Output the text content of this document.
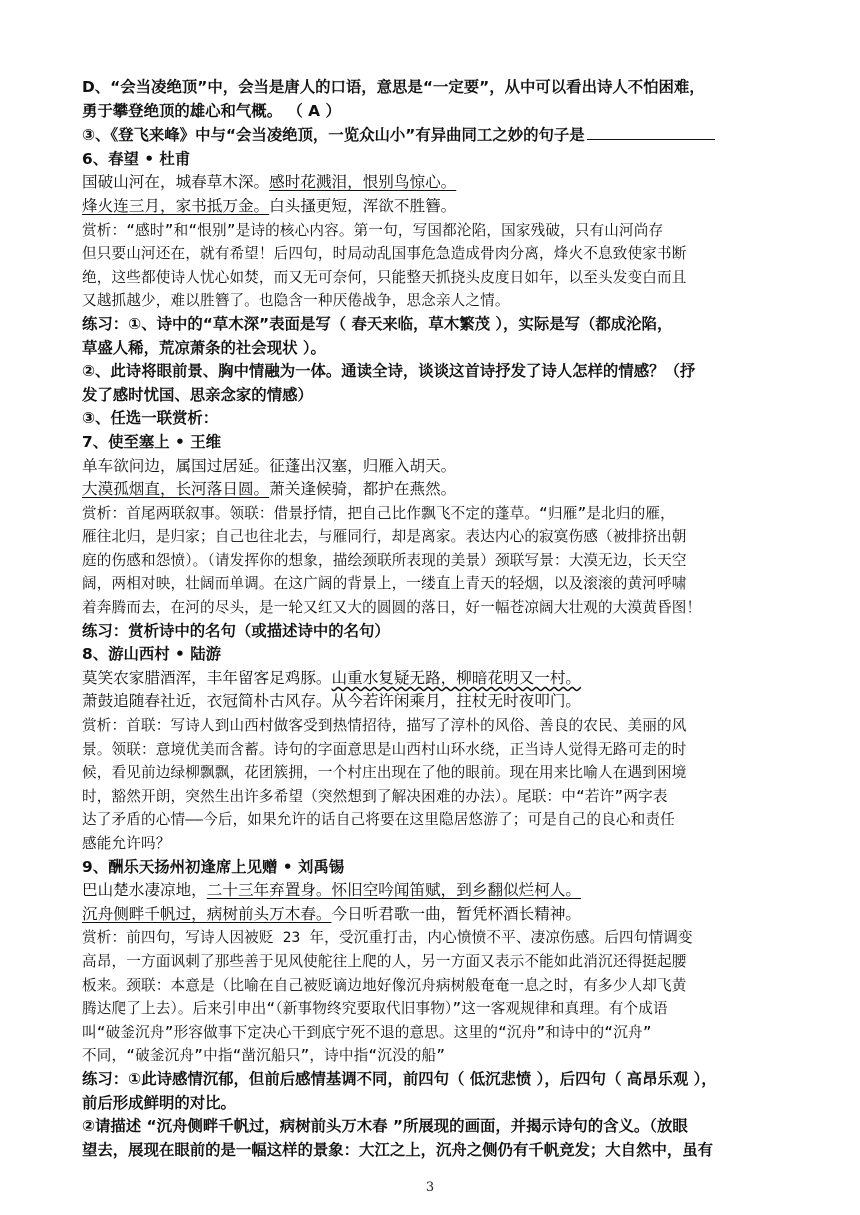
D、“会当凌绝顶”中，会当是唐人的口语，意思是“一定要”，从中可以看出诗人不怕困难，
勇于攀登绝顶的雄心和气概。 （ A ）
③、《登飞来峰》中与“会当凌绝顶，一览众山小”有异曲同工之妙的句子是
6、春望 • 杜甫
国破山河在，城春草木深。感时花溅泪，恨别鸟惊心。
烽火连三月，家书抵万金。白头搔更短，浑欲不胜簪。
赏析：“感时”和“恨别”是诗的核心内容。第一句，写国都沦陷，国家残破，只有山河尚存
但只要山河还在，就有希望！后四句，时局动乱国事危急造成骨肉分离，烽火不息致使家书断
绝，这些都使诗人忧心如焚，而又无可奈何，只能整天抓挠头皮度日如年，以至头发变白而且
又越抓越少，难以胜簪了。也隐含一种厌倦战争，思念亲人之情。
练习：①、诗中的“草木深”表面是写（ 春天来临，草木繁茂 ），实际是写（都成沦陷，
草盛人稀，荒凉萧条的社会现状 ）。
②、此诗将眼前景、胸中情融为一体。通读全诗，谈谈这首诗抒发了诗人怎样的情感？（抒
发了感时忧国、思亲念家的情感）
③、任选一联赏析：
7、使至塞上 • 王维
单车欲问边，属国过居延。征蓬出汉塞，归雁入胡天。
大漠孤烟直，长河落日圆。萧关逢候骑，都护在燕然。
赏析：首尾两联叙事。领联：借景抒情，把自己比作飘飞不定的蓬草。“归雁”是北归的雁，
雁往北归，是归家；自己也往北去，与雁同行，却是离家。表达内心的寂寞伤感（被排挤出朝
庭的伤感和怨愤）。（请发挥你的想象，描绘颈联所表现的美景）颈联写景：大漠无边，长天空
阔，两相对映，壮阔而单调。在这广阔的背景上，一缕直上青天的轻烟，以及滚滚的黄河呼啸
着奔腾而去，在河的尽头，是一轮又红又大的圆圆的落日，好一幅苍凉阔大壮观的大漠黄昏图！
练习：赏析诗中的名句（或描述诗中的名句）
8、游山西村 • 陆游
莫笑农家腊酒浑，丰年留客足鸡豚。山重水复疑无路，柳暗花明又一村。
萧鼓追随春社近，衣冠简朴古风存。从今若许闲乘月，拄杖无时夜叩门。
赏析：首联：写诗人到山西村做客受到热情招待，描写了淳朴的风俗、善良的农民、美丽的风
景。领联：意境优美而含蓄。诗句的字面意思是山西村山环水绕，正当诗人觉得无路可走的时
候，看见前边绿柳飘飘，花团簇拥，一个村庄出现在了他的眼前。现在用来比喻人在遇到困境
时，豁然开朗，突然生出许多希望（突然想到了解决困难的办法）。尾联：中“若许”两字表
达了矛盾的心情——今后，如果允许的话自己将要在这里隐居悠游了；可是自己的良心和责任
感能允许吗？
9、酬乐天扬州初逢席上见赠 • 刘禹锡
巴山楚水凄凉地，二十三年弃置身。怀旧空吟闻笛赋，到乡翻似烂柯人。
沉舟侧畔千帆过，病树前头万木春。今日听君歌一曲，暂凭杯酒长精神。
赏析：前四句，写诗人因被贬 23 年，受沉重打击，内心愤愤不平、凄凉伤感。后四句情调变
高昂，一方面讽刺了那些善于见风使舵往上爬的人，另一方面又表示不能如此消沉还得挺起腰
板来。颈联：本意是（比喻在自己被贬谪边地好像沉舟病树般奄奄一息之时，有多少人却飞黄
腾达爬了上去）。后来引申出“（新事物终究要取代旧事物）”这一客观规律和真理。有个成语
叫“破釜沉舟”形容做事下定决心干到底宁死不退的意思。这里的“沉舟”和诗中的“沉舟”
不同，“破釜沉舟”中指“凿沉船只”，诗中指“沉没的船”
练习：①此诗感情沉郁，但前后感情基调不同，前四句（ 低沉悲愤 ），后四句（ 高昂乐观 ），
前后形成鲜明的对比。
②请描述 “沉舟侧畔千帆过，病树前头万木春 ”所展现的画面，并揭示诗句的含义。（放眼
望去，展现在眼前的是一幅这样的景象：大江之上，沉舟之侧仍有千帆竞发；大自然中，虽有
3
